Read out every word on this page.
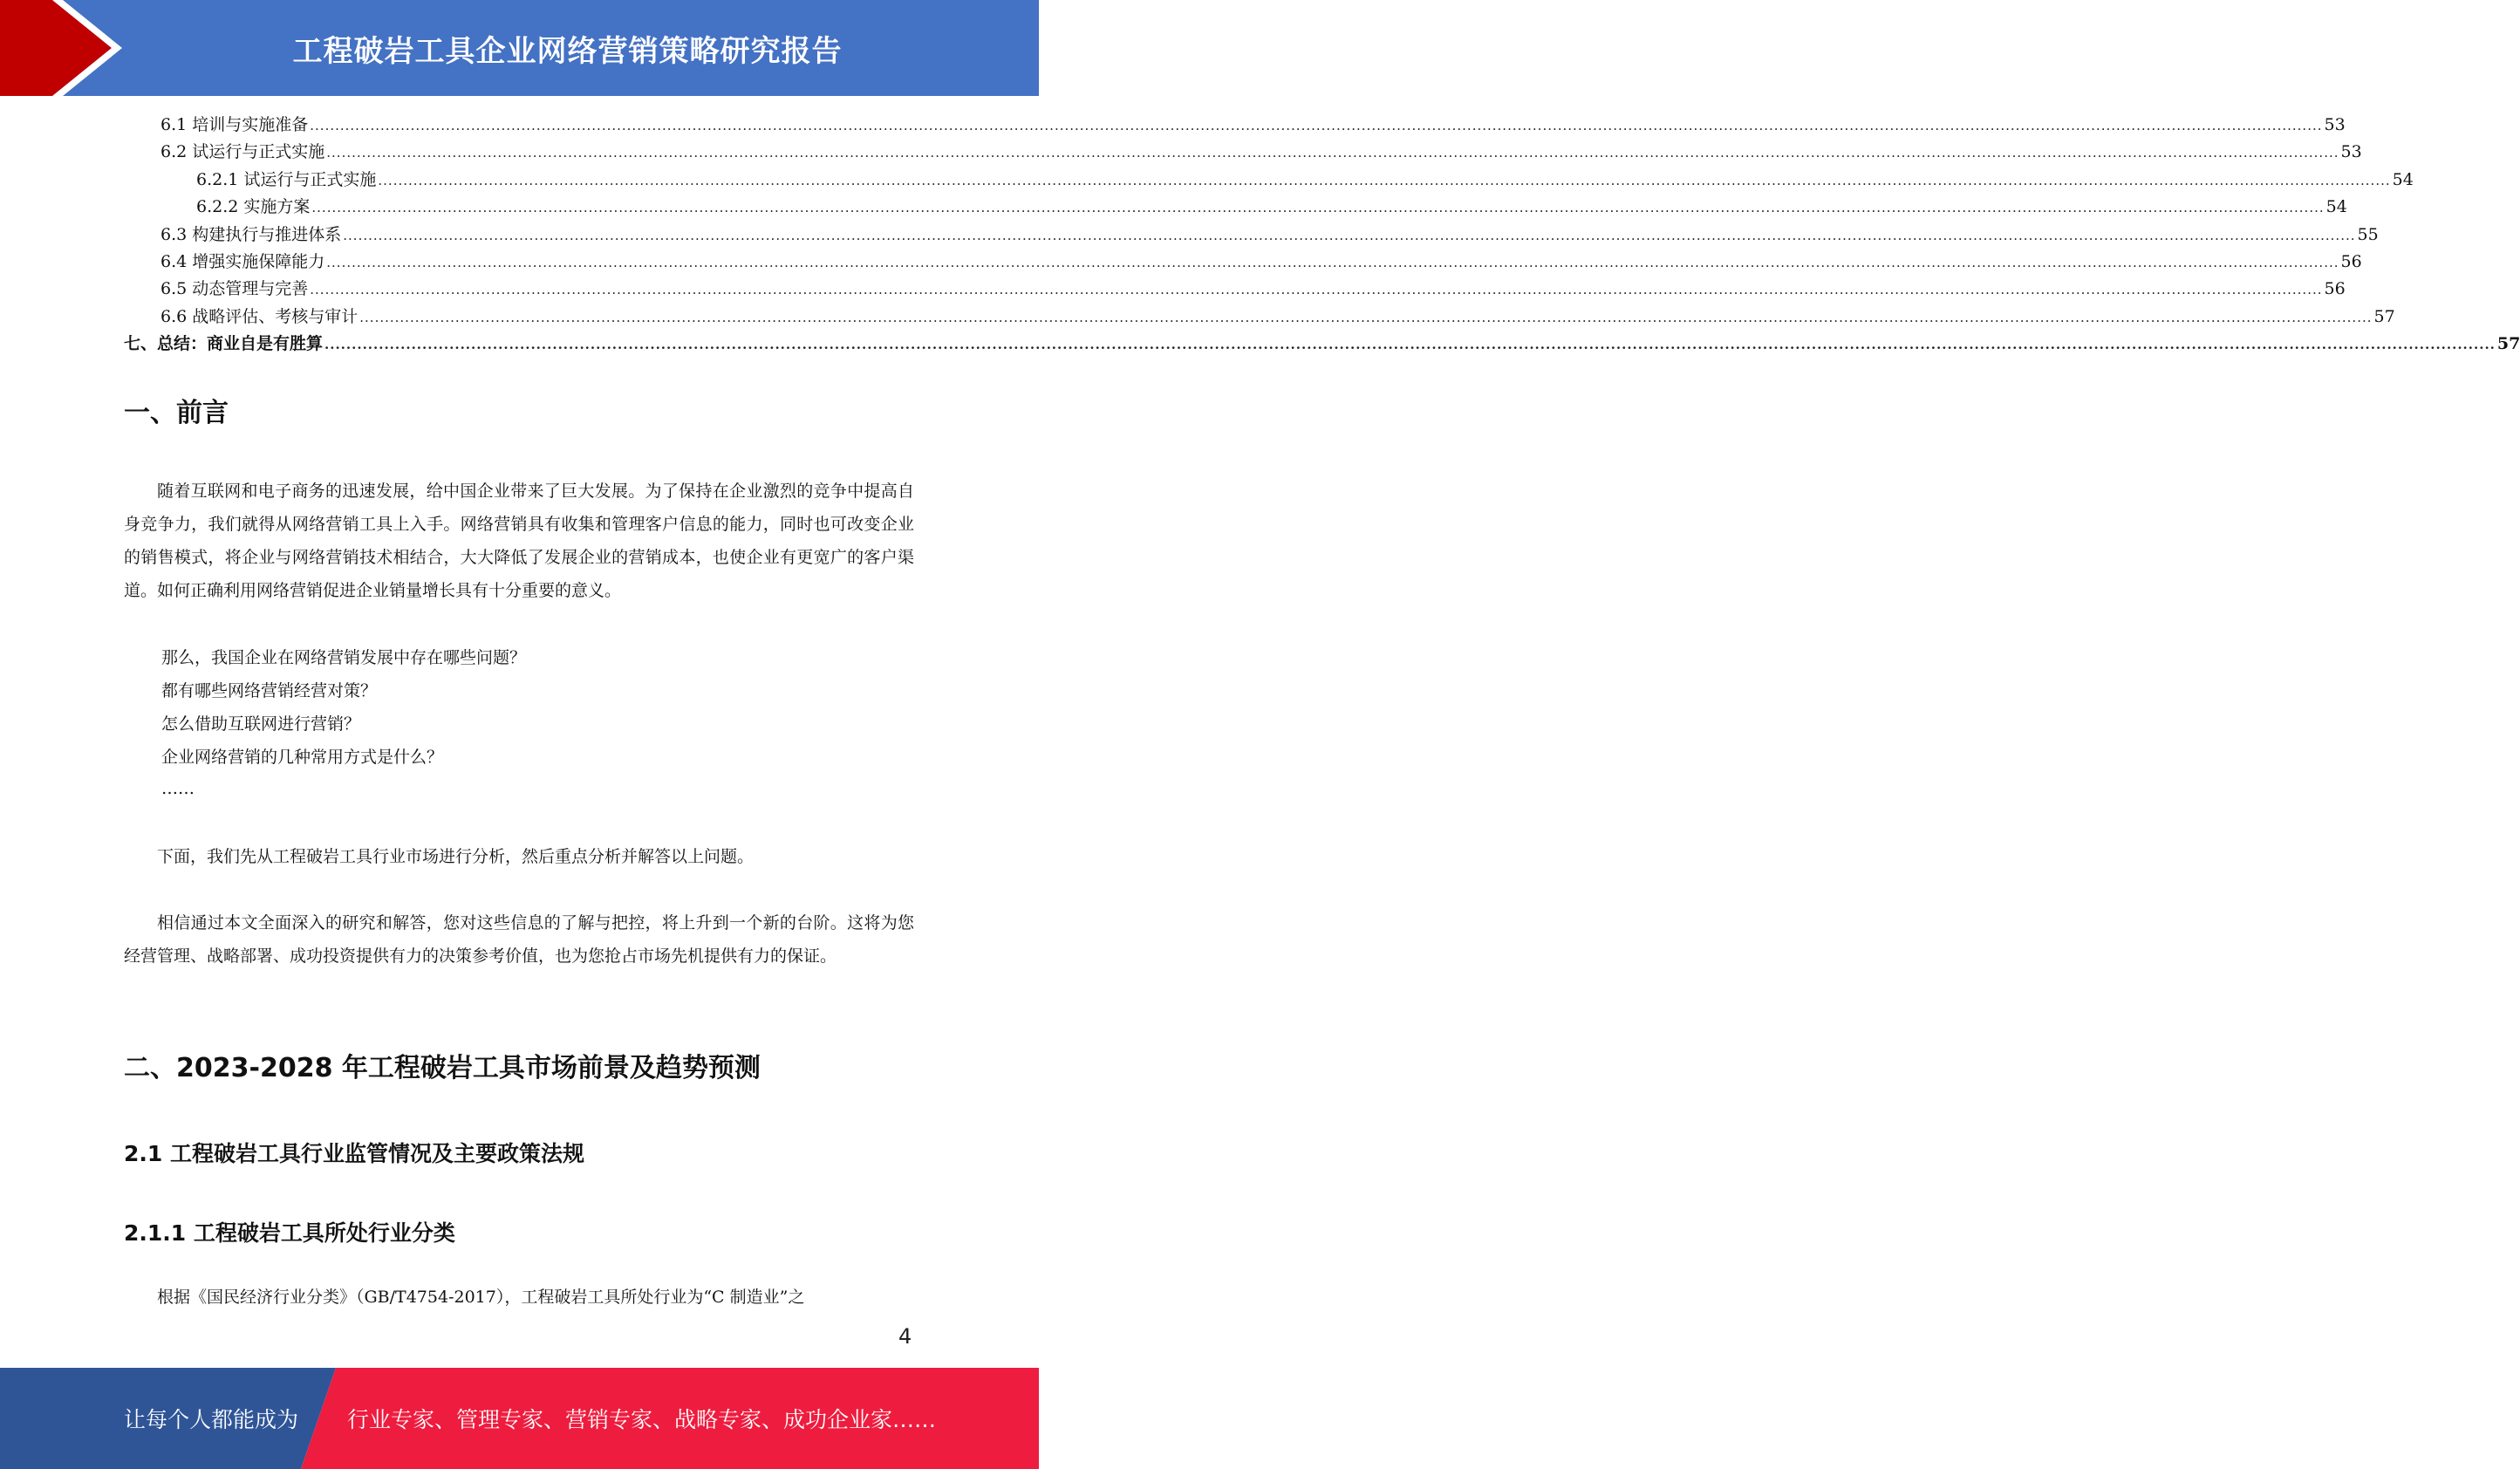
工程破岩工具企业网络营销策略研究报告
6.1 培训与实施准备 ................................................................................................................................................................................................................................................................................................................................................................................................................ 53
6.2 试运行与正式实施 ................................................................................................................................................................................................................................................................................................................................................................................................................ 53
6.2.1 试运行与正式实施 ................................................................................................................................................................................................................................................................................................................................................................................................................ 54
6.2.2 实施方案 ................................................................................................................................................................................................................................................................................................................................................................................................................ 54
6.3 构建执行与推进体系 ................................................................................................................................................................................................................................................................................................................................................................................................................ 55
6.4 增强实施保障能力 ................................................................................................................................................................................................................................................................................................................................................................................................................ 56
6.5 动态管理与完善 ................................................................................................................................................................................................................................................................................................................................................................................................................ 56
6.6 战略评估、考核与审计 ................................................................................................................................................................................................................................................................................................................................................................................................................ 57
七、总结：商业自是有胜算 ................................................................................................................................................................................................................................................................................................................................................................................................................ 57
一、前言

随着互联网和电子商务的迅速发展，给中国企业带来了巨大发展。为了保持在企业激烈的竞争中提高自身竞争力，我们就得从网络营销工具上入手。网络营销具有收集和管理客户信息的能力，同时也可改变企业的销售模式，将企业与网络营销技术相结合，大大降低了发展企业的营销成本，也使企业有更宽广的客户渠道。如何正确利用网络营销促进企业销量增长具有十分重要的意义。

那么，我国企业在网络营销发展中存在哪些问题？
都有哪些网络营销经营对策？
怎么借助互联网进行营销？
企业网络营销的几种常用方式是什么？
……

下面，我们先从工程破岩工具行业市场进行分析，然后重点分析并解答以上问题。

相信通过本文全面深入的研究和解答，您对这些信息的了解与把控，将上升到一个新的台阶。这将为您经营管理、战略部署、成功投资提供有力的决策参考价值，也为您抢占市场先机提供有力的保证。

二、2023-2028 年工程破岩工具市场前景及趋势预测
2.1 工程破岩工具行业监管情况及主要政策法规
2.1.1 工程破岩工具所处行业分类

根据《国民经济行业分类》（GB/T4754-2017），工程破岩工具所处行业为“C 制造业”之

4
让每个人都能成为 行业专家、管理专家、营销专家、战略专家、成功企业家……
